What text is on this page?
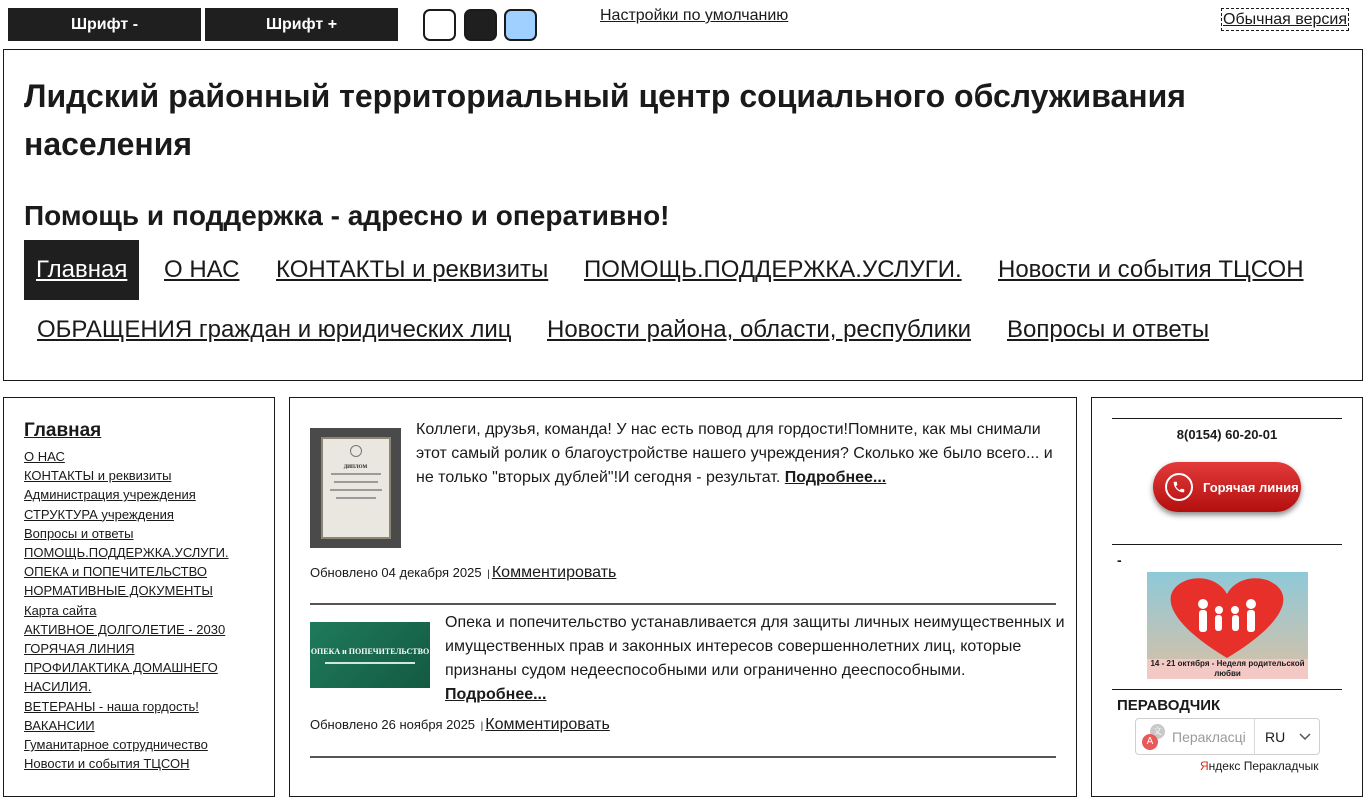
Шрифт -	Шрифт +	Настройки по умолчанию	Обычная версия
Лидский районный территориальный центр социального обслуживания населения
Помощь и поддержка - адресно и оперативно!
Главная	О НАС	КОНТАКТЫ и реквизиты	ПОМОЩЬ.ПОДДЕРЖКА.УСЛУГИ.	Новости и события ТЦСОН
ОБРАЩЕНИЯ граждан и юридических лиц	Новости района, области, республики	Вопросы и ответы
Главная
О НАС
КОНТАКТЫ и реквизиты
Администрация учреждения
СТРУКТУРА учреждения
Вопросы и ответы
ПОМОЩЬ.ПОДДЕРЖКА.УСЛУГИ.
ОПЕКА и ПОПЕЧИТЕЛЬСТВО
НОРМАТИВНЫЕ ДОКУМЕНТЫ
Карта сайта
АКТИВНОЕ ДОЛГОЛЕТИЕ - 2030
ГОРЯЧАЯ ЛИНИЯ
ПРОФИЛАКТИКА ДОМАШНЕГО НАСИЛИЯ.
ВЕТЕРАНЫ - наша гордость!
ВАКАНСИИ
Гуманитарное сотрудничество
Новости и события ТЦСОН
ДИПЛОМ

Коллеги, друзья, команда! У нас есть повод для гордости!Помните, как мы снимали этот самый ролик о благоустройстве нашего учреждения? Сколько же было всего... и не только "вторых дублей"!И сегодня - результат. Подробнее...

Обновлено 04 декабря 2025 | Комментировать
ОПЕКА и ПОПЕЧИТЕЛЬСТВО

Опека и попечительство устанавливается для защиты личных неимущественных и имущественных прав и законных интересов совершеннолетних лиц, которые признаны судом недееспособными или ограниченно дееспособными. Подробнее...

Обновлено 26 ноября 2025 | Комментировать
8(0154) 60-20-01
Горячая линия
-
14 - 21 октября - Неделя родительской любви
ПЕРАВОДЧИК
文
A	Перакласці RU
Яндекс Перакладчык
